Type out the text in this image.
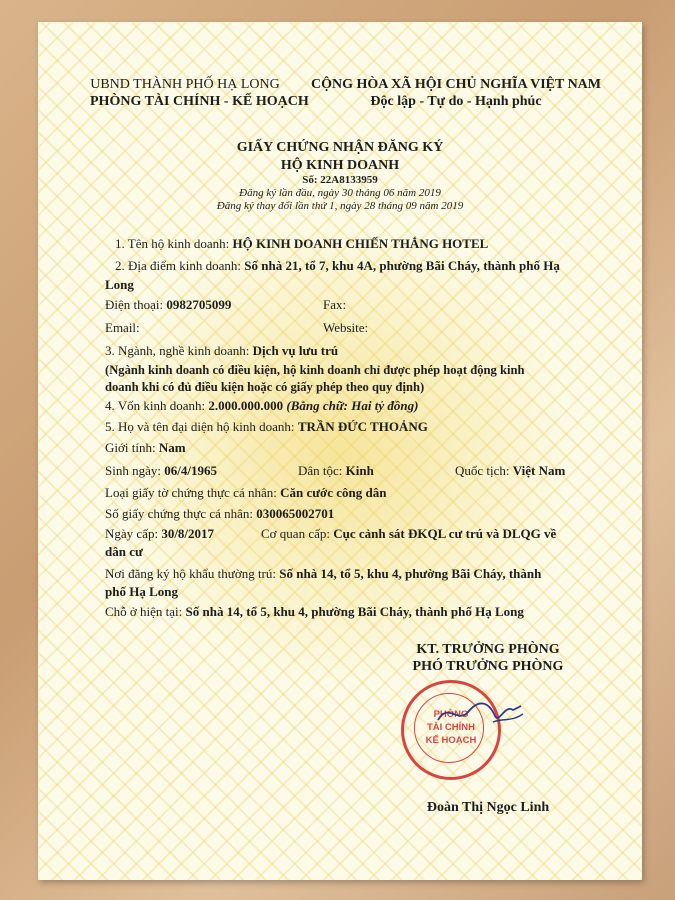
UBND THÀNH PHỐ HẠ LONG
PHÒNG TÀI CHÍNH - KẾ HOẠCH
CỘNG HÒA XÃ HỘI CHỦ NGHĨA VIỆT NAM
Độc lập - Tự do - Hạnh phúc
GIẤY CHỨNG NHẬN ĐĂNG KÝ
HỘ KINH DOANH
Số: 22A8133959
Đăng ký lần đầu, ngày 30 tháng 06 năm 2019
Đăng ký thay đổi lần thứ 1, ngày 28 tháng 09 năm 2019
1. Tên hộ kinh doanh: HỘ KINH DOANH CHIẾN THẮNG HOTEL
2. Địa điểm kinh doanh: Số nhà 21, tổ 7, khu 4A, phường Bãi Cháy, thành phố Hạ
Long
Điện thoại: 0982705099	Fax:
Email:	Website:
3. Ngành, nghề kinh doanh: Dịch vụ lưu trú
(Ngành kinh doanh có điều kiện, hộ kinh doanh chỉ được phép hoạt động kinh
doanh khi có đủ điều kiện hoặc có giấy phép theo quy định)
4. Vốn kinh doanh: 2.000.000.000 (Bằng chữ: Hai tỷ đồng)
5. Họ và tên đại diện hộ kinh doanh: TRẦN ĐỨC THOẢNG
Giới tính: Nam
Sinh ngày: 06/4/1965	Dân tộc: Kinh	Quốc tịch: Việt Nam
Loại giấy tờ chứng thực cá nhân: Căn cước công dân
Số giấy chứng thực cá nhân: 030065002701
Ngày cấp: 30/8/2017	Cơ quan cấp: Cục cảnh sát ĐKQL cư trú và DLQG về
dân cư
Nơi đăng ký hộ khẩu thường trú: Số nhà 14, tổ 5, khu 4, phường Bãi Cháy, thành
phố Hạ Long
Chỗ ở hiện tại: Số nhà 14, tổ 5, khu 4, phường Bãi Cháy, thành phố Hạ Long
KT. TRƯỞNG PHÒNG
PHÓ TRƯỞNG PHÒNG
PHÒNG
TÀI CHÍNH
KẾ HOẠCH
Đoàn Thị Ngọc Linh
